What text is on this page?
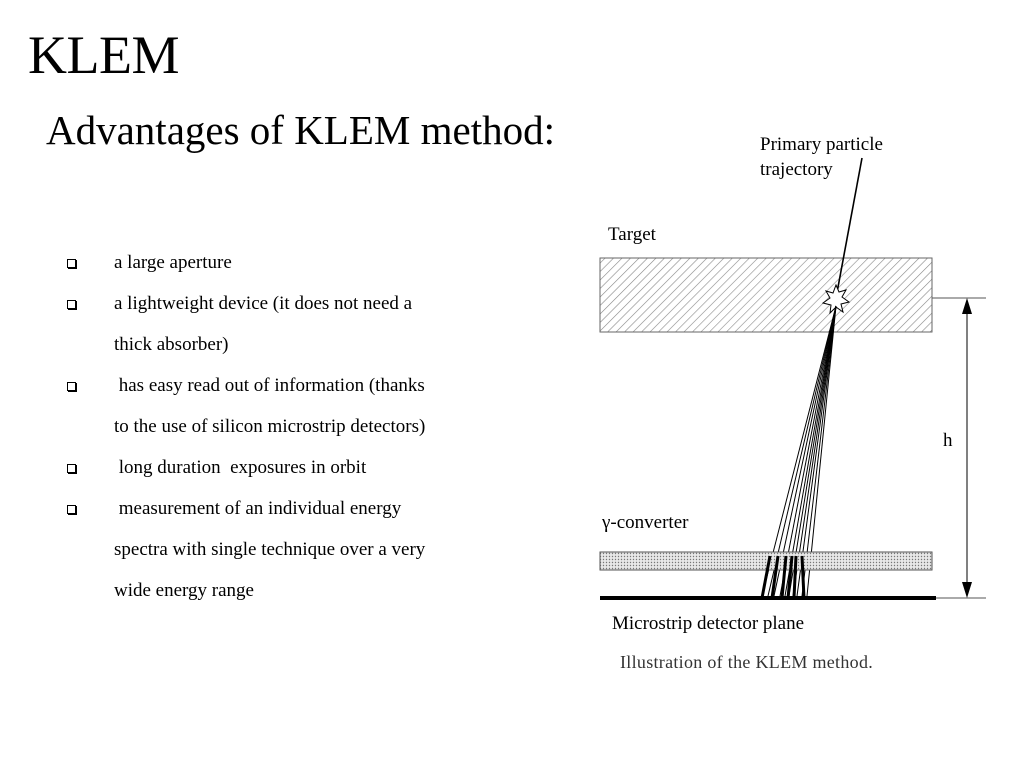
KLEM
Advantages of KLEM method:
a large aperture
a lightweight device (it does not need a
thick absorber)
has easy read out of information (thanks
to the use of silicon microstrip detectors)
long duration  exposures in orbit
measurement of an individual energy
spectra with single technique over a very
wide energy range
Primary particle
trajectory
Target
h
γ-converter
Microstrip detector plane
Illustration of the KLEM method.
